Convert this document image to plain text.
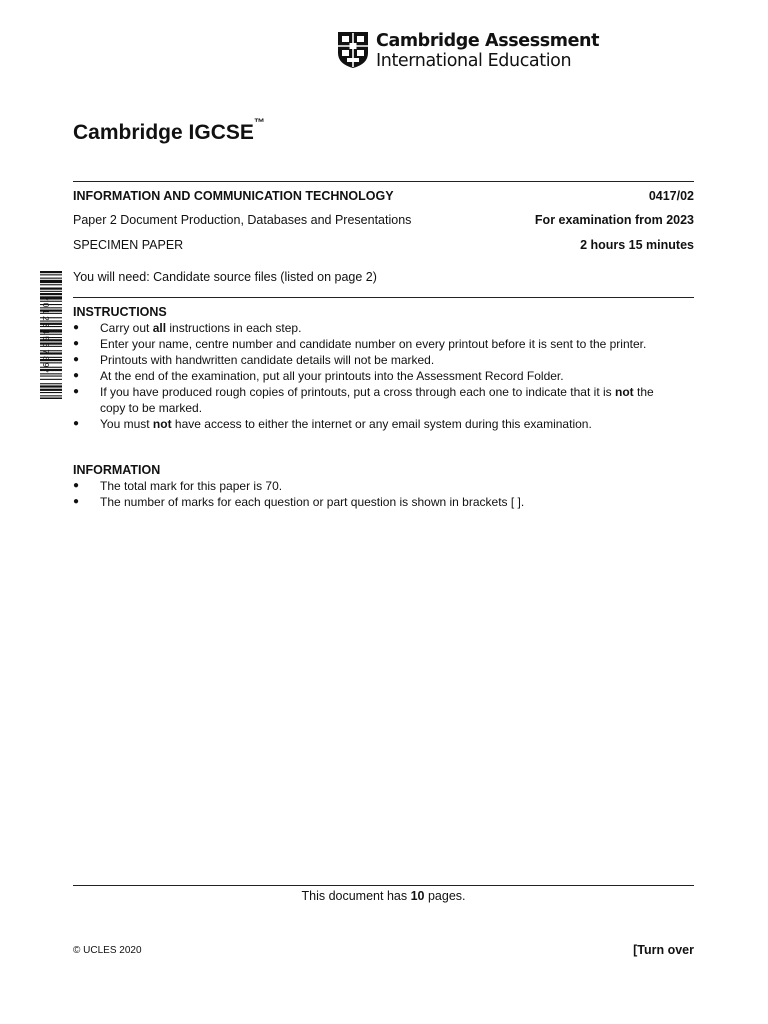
Cambridge Assessment
International Education
Cambridge IGCSE™
INFORMATION AND COMMUNICATION TECHNOLOGY	0417/02
Paper 2 Document Production, Databases and Presentations	For examination from 2023
SPECIMEN PAPER	2 hours 15 minutes
You will need: Candidate source files (listed on page 2)
* 0 1 2 3 4 5 6 7 8 9 * INSTRUCTIONS
● Carry out all instructions in each step.
● Enter your name, centre number and candidate number on every printout before it is sent to the printer.
● Printouts with handwritten candidate details will not be marked.
● At the end of the examination, put all your printouts into the Assessment Record Folder.
● If you have produced rough copies of printouts, put a cross through each one to indicate that it is not the copy to be marked.
● You must not have access to either the internet or any email system during this examination.
INFORMATION
● The total mark for this paper is 70.
● The number of marks for each question or part question is shown in brackets [ ].
This document has 10 pages.
© UCLES 2020	[Turn over
